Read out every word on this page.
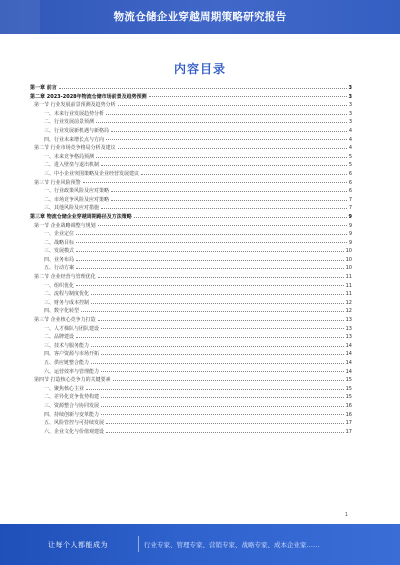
物流仓储企业穿越周期策略研究报告
内容目录
第一章 前言	3
第二章 2023-2028年物流仓储市场前景及趋势预测	3
第一节 行业发展前景预测及趋势分析	3
一、未来行业发展趋势分析	3
二、行业发展前景预测	3
三、行业发展新机遇与新格局	4
四、行业未来增长点与方向	4
第二节 行业市场竞争格局分析及建议	4
一、未来竞争格局预测	5
二、进入壁垒与退出机制	5
三、中小企业突围策略及企业经营发展建议	6
第三节 行业风险预警	6
一、行业政策风险及应对策略	6
二、市场竞争风险及应对策略	7
三、其他风险及应对措施	7
第三章 物流仓储企业穿越周期路径及方法策略	9
第一节 企业战略调整与规划	9
一、企业定位	9
二、战略目标	9
三、发展模式	10
四、业务布局	10
五、行动方案	10
第二节 企业经营与管理优化	11
一、组织优化	11
二、流程与制度优化	11
三、财务与成本控制	12
四、数字化转型	12
第三节 企业核心竞争力打造	13
一、人才梯队与团队建设	13
二、品牌建设	13
三、技术与服务能力	14
四、客户资源与市场开拓	14
五、供应链整合能力	14
六、运营效率与管理能力	14
第四节 打造核心竞争力的关键要素	15
一、聚焦核心主业	15
二、差异化竞争优势构建	15
三、资源整合与协同发展	16
四、持续创新与变革能力	16
五、风险管控与可持续发展	17
六、企业文化与价值观建设	17
1
让每个人都能成为	行业专家、管理专家、营销专家、战略专家、成本企业家……
